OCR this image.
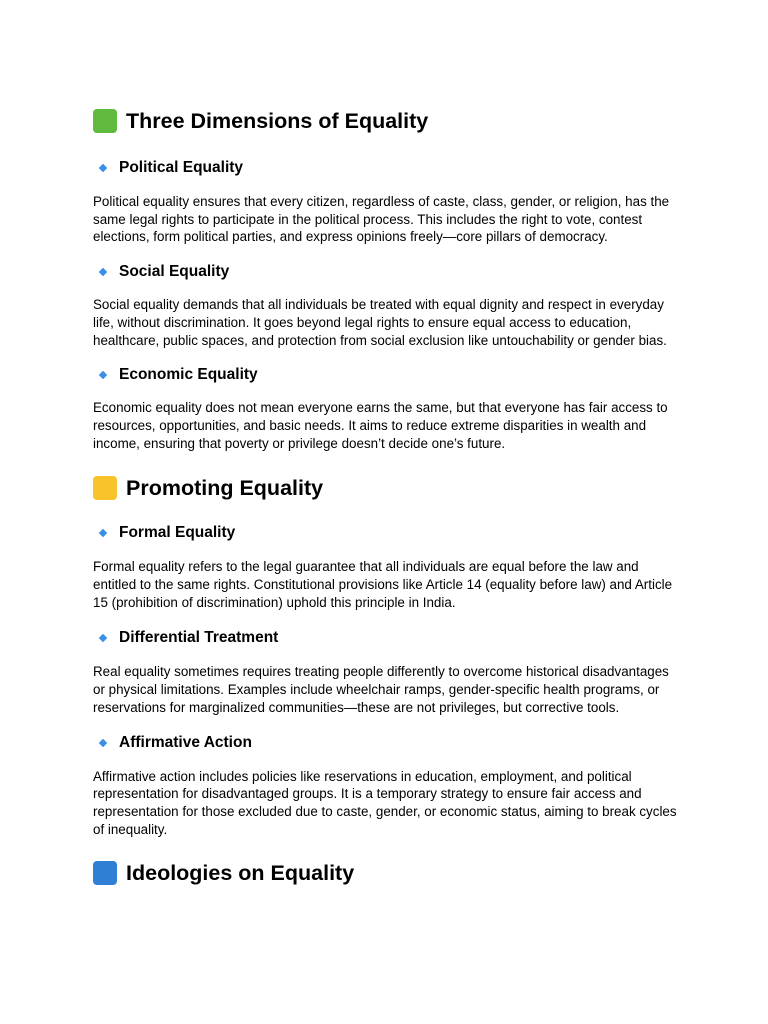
Three Dimensions of Equality
Political Equality

Political equality ensures that every citizen, regardless of caste, class, gender, or religion, has the same legal rights to participate in the political process. This includes the right to vote, contest elections, form political parties, and express opinions freely—core pillars of democracy.

Social Equality

Social equality demands that all individuals be treated with equal dignity and respect in everyday life, without discrimination. It goes beyond legal rights to ensure equal access to education, healthcare, public spaces, and protection from social exclusion like untouchability or gender bias.

Economic Equality

Economic equality does not mean everyone earns the same, but that everyone has fair access to resources, opportunities, and basic needs. It aims to reduce extreme disparities in wealth and income, ensuring that poverty or privilege doesn’t decide one’s future.

Promoting Equality
Formal Equality

Formal equality refers to the legal guarantee that all individuals are equal before the law and entitled to the same rights. Constitutional provisions like Article 14 (equality before law) and Article 15 (prohibition of discrimination) uphold this principle in India.

Differential Treatment

Real equality sometimes requires treating people differently to overcome historical disadvantages or physical limitations. Examples include wheelchair ramps, gender-specific health programs, or reservations for marginalized communities—these are not privileges, but corrective tools.

Affirmative Action

Affirmative action includes policies like reservations in education, employment, and political representation for disadvantaged groups. It is a temporary strategy to ensure fair access and representation for those excluded due to caste, gender, or economic status, aiming to break cycles of inequality.

Ideologies on Equality
